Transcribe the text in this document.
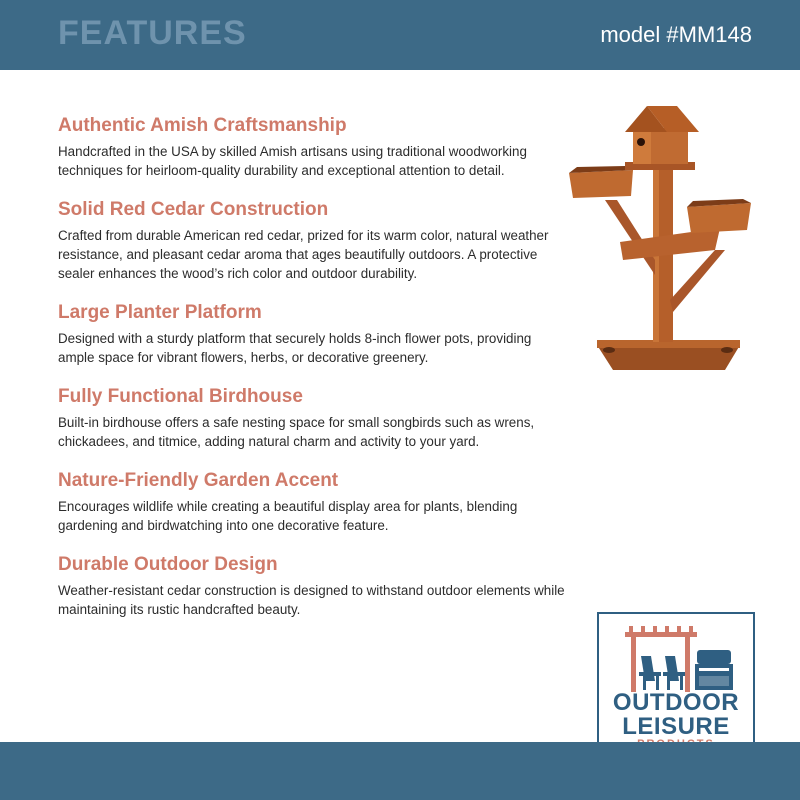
FEATURES	model #MM148
Authentic Amish Craftsmanship

Handcrafted in the USA by skilled Amish artisans using traditional woodworking techniques for heirloom-quality durability and exceptional attention to detail.

Solid Red Cedar Construction

Crafted from durable American red cedar, prized for its warm color, natural weather resistance, and pleasant cedar aroma that ages beautifully outdoors. A protective sealer enhances the wood’s rich color and outdoor durability.

Large Planter Platform

Designed with a sturdy platform that securely holds 8-inch flower pots, providing ample space for vibrant flowers, herbs, or decorative greenery.

Fully Functional Birdhouse

Built-in birdhouse offers a safe nesting space for small songbirds such as wrens, chickadees, and titmice, adding natural charm and activity to your yard.

Nature-Friendly Garden Accent

Encourages wildlife while creating a beautiful display area for plants, blending gardening and birdwatching into one decorative feature.

Durable Outdoor Design

Weather-resistant cedar construction is designed to withstand outdoor elements while maintaining its rustic handcrafted beauty.

OUTDOOR
LEISURE
